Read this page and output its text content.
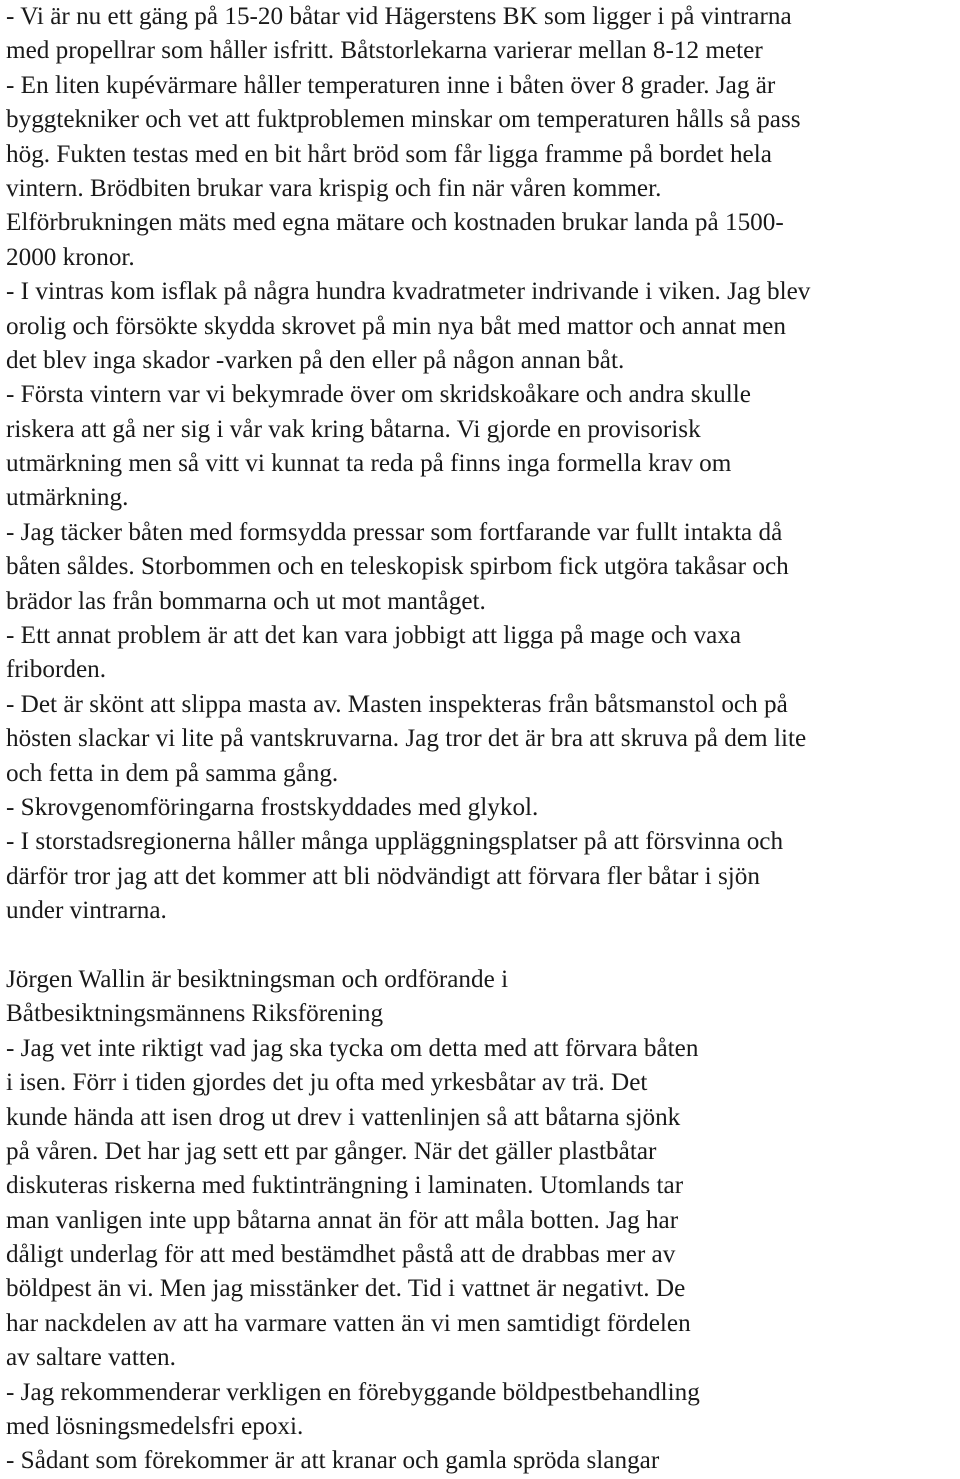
- Vi är nu ett gäng på 15-20 båtar vid Hägerstens BK som ligger i på vintrarna
med propellrar som håller isfritt. Båtstorlekarna varierar mellan 8-12 meter
- En liten kupévärmare håller temperaturen inne i båten över 8 grader. Jag är
byggtekniker och vet att fuktproblemen minskar om temperaturen hålls så pass
hög. Fukten testas med en bit hårt bröd som får ligga framme på bordet hela
vintern. Brödbiten brukar vara krispig och fin när våren kommer.
Elförbrukningen mäts med egna mätare och kostnaden brukar landa på 1500-
2000 kronor.
- I vintras kom isflak på några hundra kvadratmeter indrivande i viken. Jag blev
orolig och försökte skydda skrovet på min nya båt med mattor och annat men
det blev inga skador -varken på den eller på någon annan båt.
- Första vintern var vi bekymrade över om skridskoåkare och andra skulle
riskera att gå ner sig i vår vak kring båtarna. Vi gjorde en provisorisk
utmärkning men så vitt vi kunnat ta reda på finns inga formella krav om
utmärkning.
- Jag täcker båten med formsydda pressar som fortfarande var fullt intakta då
båten såldes. Storbommen och en teleskopisk spirbom fick utgöra takåsar och
brädor las från bommarna och ut mot mantåget.
- Ett annat problem är att det kan vara jobbigt att ligga på mage och vaxa
friborden.
- Det är skönt att slippa masta av. Masten inspekteras från båtsmanstol och på
hösten slackar vi lite på vantskruvarna. Jag tror det är bra att skruva på dem lite
och fetta in dem på samma gång.
- Skrovgenomföringarna frostskyddades med glykol.
- I storstadsregionerna håller många uppläggningsplatser på att försvinna och
därför tror jag att det kommer att bli nödvändigt att förvara fler båtar i sjön
under vintrarna.
Jörgen Wallin är besiktningsman och ordförande i
Båtbesiktningsmännens Riksförening
- Jag vet inte riktigt vad jag ska tycka om detta med att förvara båten
i isen. Förr i tiden gjordes det ju ofta med yrkesbåtar av trä. Det
kunde hända att isen drog ut drev i vattenlinjen så att båtarna sjönk
på våren. Det har jag sett ett par gånger. När det gäller plastbåtar
diskuteras riskerna med fuktinträngning i laminaten. Utomlands tar
man vanligen inte upp båtarna annat än för att måla botten. Jag har
dåligt underlag för att med bestämdhet påstå att de drabbas mer av
böldpest än vi. Men jag misstänker det. Tid i vattnet är negativt. De
har nackdelen av att ha varmare vatten än vi men samtidigt fördelen
av saltare vatten.
- Jag rekommenderar verkligen en förebyggande böldpestbehandling
med lösningsmedelsfri epoxi.
- Sådant som förekommer är att kranar och gamla spröda slangar
